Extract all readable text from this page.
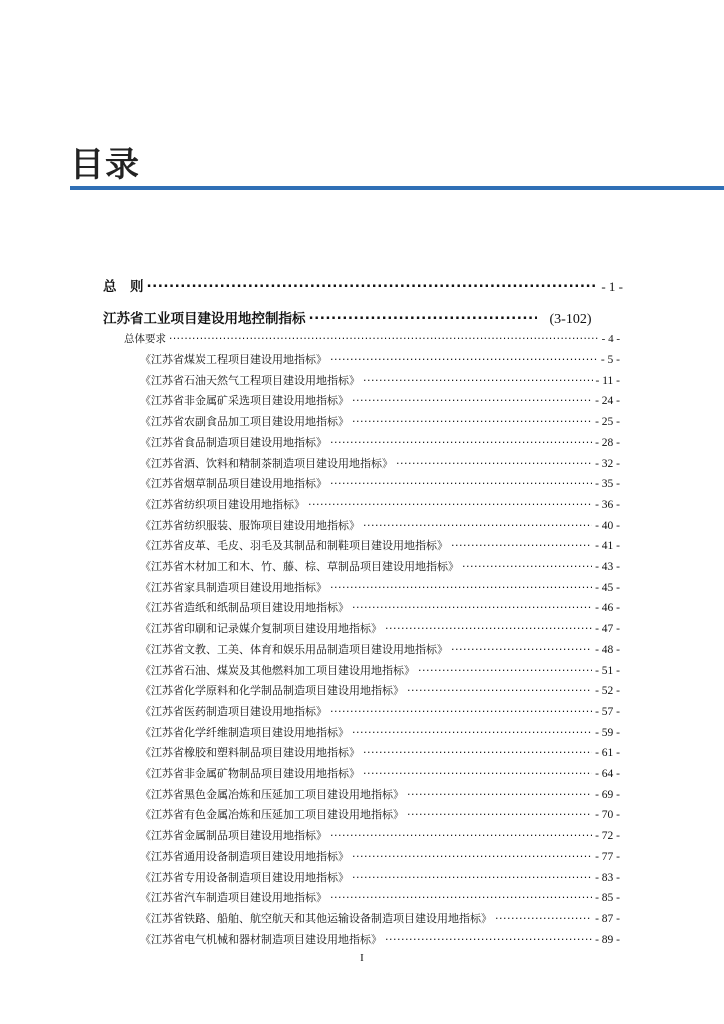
目录
总　则 .....	- 1 -
江苏省工业项目建设用地控制指标 .....	(3-102)
总体要求 .....	- 4 -
《江苏省煤炭工程项目建设用地指标》 .....	- 5 -
《江苏省石油天然气工程项目建设用地指标》 .....	- 11 -
《江苏省非金属矿采选项目建设用地指标》 .....	- 24 -
《江苏省农副食品加工项目建设用地指标》 .....	- 25 -
《江苏省食品制造项目建设用地指标》 .....	- 28 -
《江苏省酒、饮料和精制茶制造项目建设用地指标》 .....	- 32 -
《江苏省烟草制品项目建设用地指标》 .....	- 35 -
《江苏省纺织项目建设用地指标》 .....	- 36 -
《江苏省纺织服装、服饰项目建设用地指标》 .....	- 40 -
《江苏省皮革、毛皮、羽毛及其制品和制鞋项目建设用地指标》 .....	- 41 -
《江苏省木材加工和木、竹、藤、棕、草制品项目建设用地指标》 .....	- 43 -
《江苏省家具制造项目建设用地指标》 .....	- 45 -
《江苏省造纸和纸制品项目建设用地指标》 .....	- 46 -
《江苏省印刷和记录媒介复制项目建设用地指标》 .....	- 47 -
《江苏省文教、工美、体育和娱乐用品制造项目建设用地指标》 .....	- 48 -
《江苏省石油、煤炭及其他燃料加工项目建设用地指标》 .....	- 51 -
《江苏省化学原料和化学制品制造项目建设用地指标》 .....	- 52 -
《江苏省医药制造项目建设用地指标》 .....	- 57 -
《江苏省化学纤维制造项目建设用地指标》 .....	- 59 -
《江苏省橡胶和塑料制品项目建设用地指标》 .....	- 61 -
《江苏省非金属矿物制品项目建设用地指标》 .....	- 64 -
《江苏省黑色金属冶炼和压延加工项目建设用地指标》 .....	- 69 -
《江苏省有色金属冶炼和压延加工项目建设用地指标》 .....	- 70 -
《江苏省金属制品项目建设用地指标》 .....	- 72 -
《江苏省通用设备制造项目建设用地指标》 .....	- 77 -
《江苏省专用设备制造项目建设用地指标》 .....	- 83 -
《江苏省汽车制造项目建设用地指标》 .....	- 85 -
《江苏省铁路、船舶、航空航天和其他运输设备制造项目建设用地指标》 .....	- 87 -
《江苏省电气机械和器材制造项目建设用地指标》 .....	- 89 -
I
